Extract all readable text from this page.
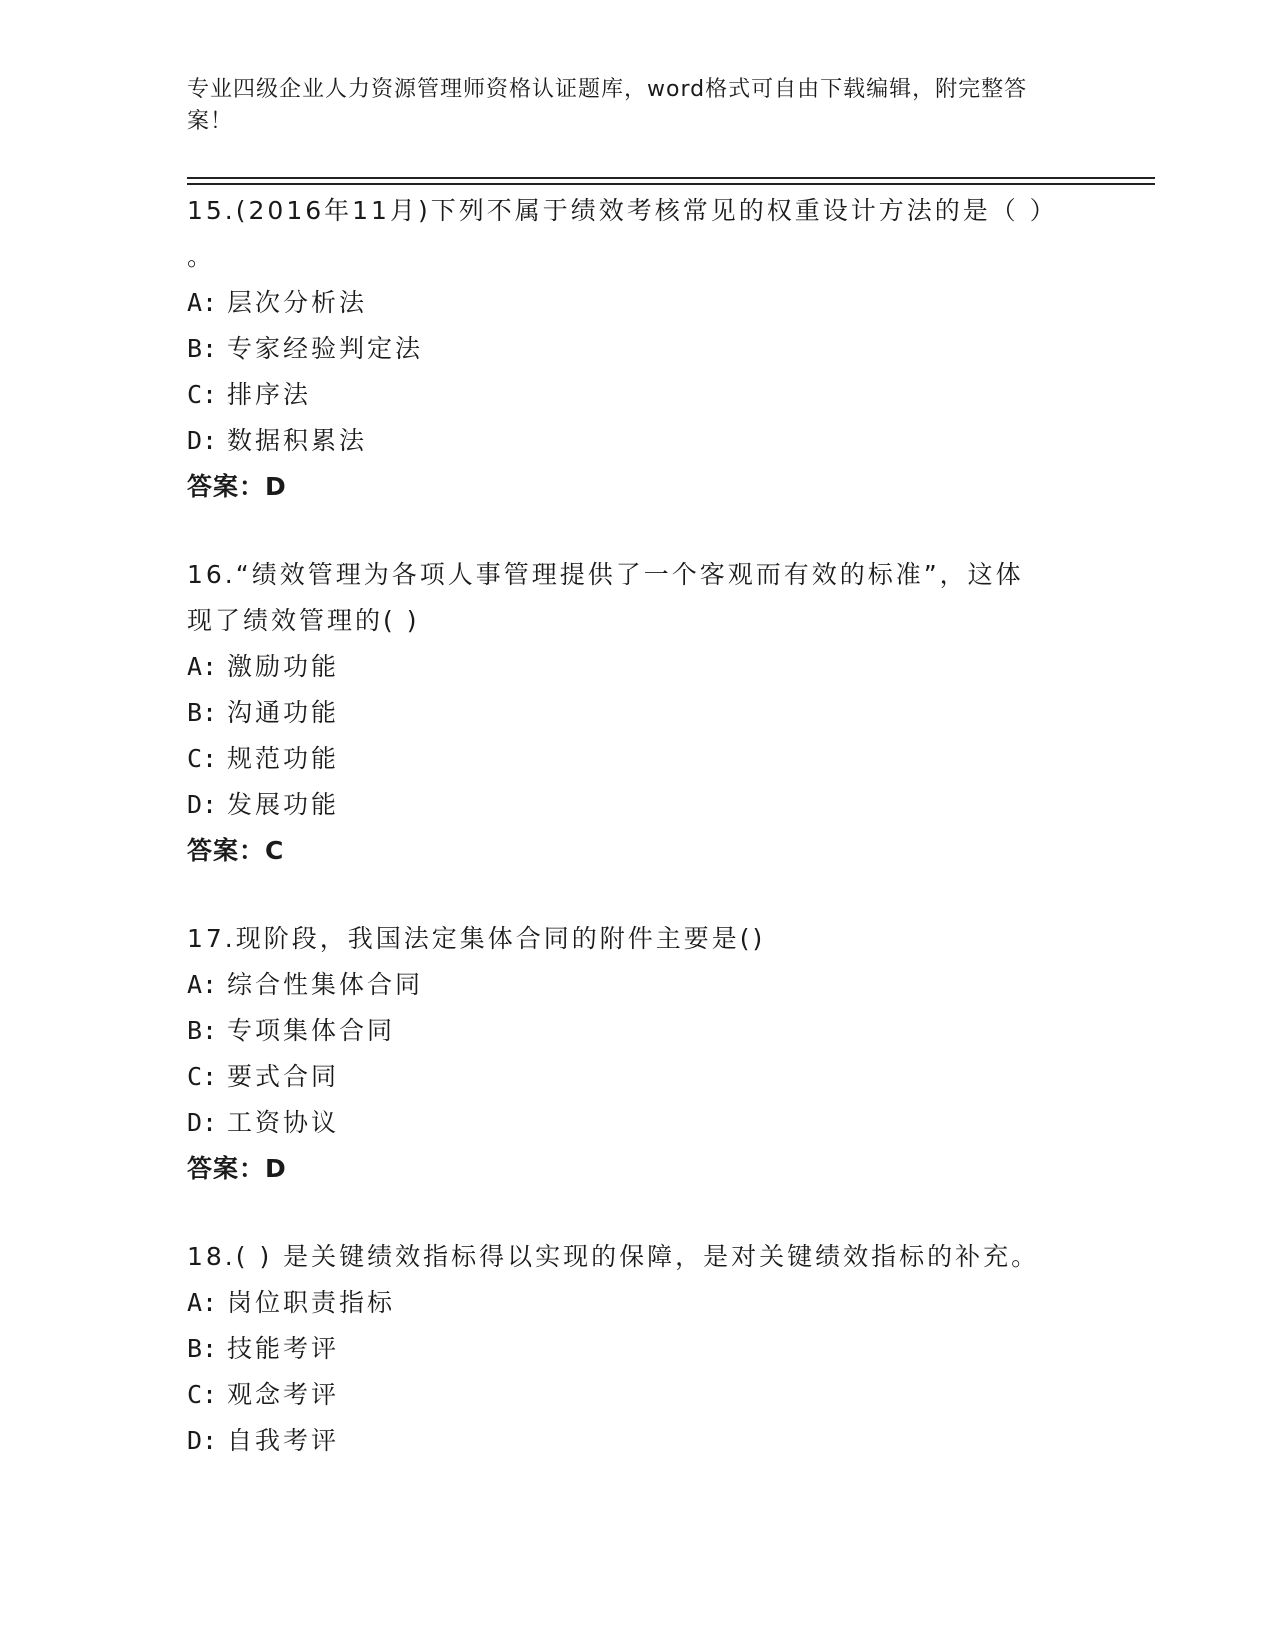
专业四级企业人力资源管理师资格认证题库，word格式可自由下载编辑，附完整答案！

15.(2016年11月)下列不属于绩效考核常见的权重设计方法的是（ ）

。

A: 层次分析法

B: 专家经验判定法

C: 排序法

D: 数据积累法

答案：D

16.“绩效管理为各项人事管理提供了一个客观而有效的标准”，这体

现了绩效管理的( )

A: 激励功能

B: 沟通功能

C: 规范功能

D: 发展功能

答案：C

17.现阶段，我国法定集体合同的附件主要是()

A: 综合性集体合同

B: 专项集体合同

C: 要式合同

D: 工资协议

答案：D

18.( ) 是关键绩效指标得以实现的保障，是对关键绩效指标的补充。

A: 岗位职责指标

B: 技能考评

C: 观念考评

D: 自我考评
